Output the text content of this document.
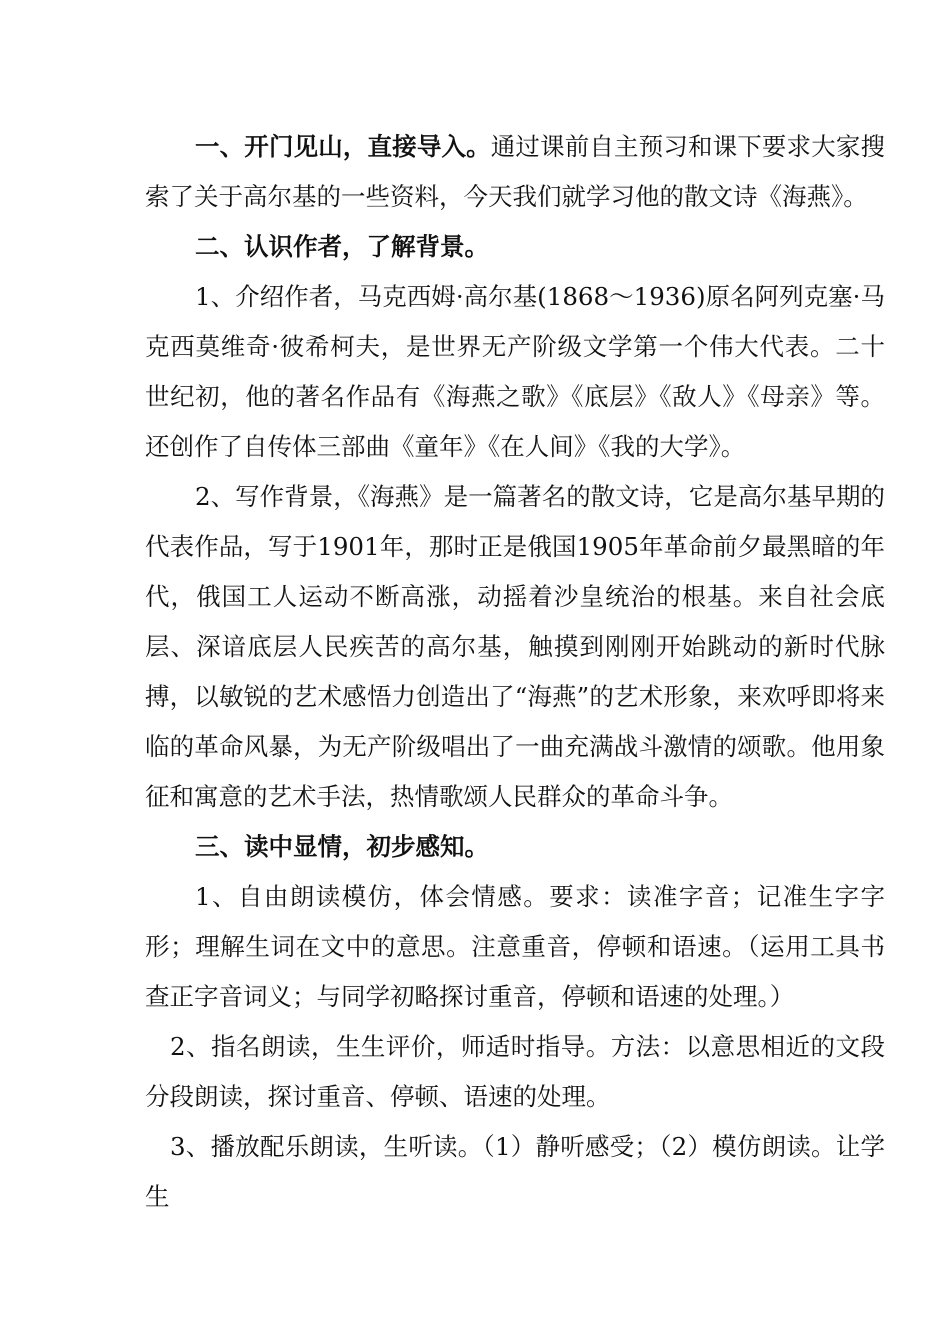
一、开门见山，直接导入。通过课前自主预习和课下要求大家搜索了关于高尔基的一些资料，今天我们就学习他的散文诗《海燕》。

二、认识作者，了解背景。

1、介绍作者，马克西姆·高尔基(1868～1936)原名阿列克塞·马克西莫维奇·彼希柯夫，是世界无产阶级文学第一个伟大代表。二十世纪初，他的著名作品有《海燕之歌》《底层》《敌人》《母亲》等。还创作了自传体三部曲《童年》《在人间》《我的大学》。

2、写作背景，《海燕》是一篇著名的散文诗，它是高尔基早期的代表作品，写于1901年，那时正是俄国1905年革命前夕最黑暗的年代，俄国工人运动不断高涨，动摇着沙皇统治的根基。来自社会底层、深谙底层人民疾苦的高尔基，触摸到刚刚开始跳动的新时代脉搏，以敏锐的艺术感悟力创造出了“海燕”的艺术形象，来欢呼即将来临的革命风暴，为无产阶级唱出了一曲充满战斗激情的颂歌。他用象征和寓意的艺术手法，热情歌颂人民群众的革命斗争。

三、读中显情，初步感知。

1、自由朗读模仿，体会情感。要求：读准字音；记准生字字形；理解生词在文中的意思。注意重音，停顿和语速。（运用工具书查正字音词义；与同学初略探讨重音，停顿和语速的处理。）

2、指名朗读，生生评价，师适时指导。方法：以意思相近的文段分段朗读，探讨重音、停顿、语速的处理。

3、播放配乐朗读，生听读。（1）静听感受；（2）模仿朗读。让学生
